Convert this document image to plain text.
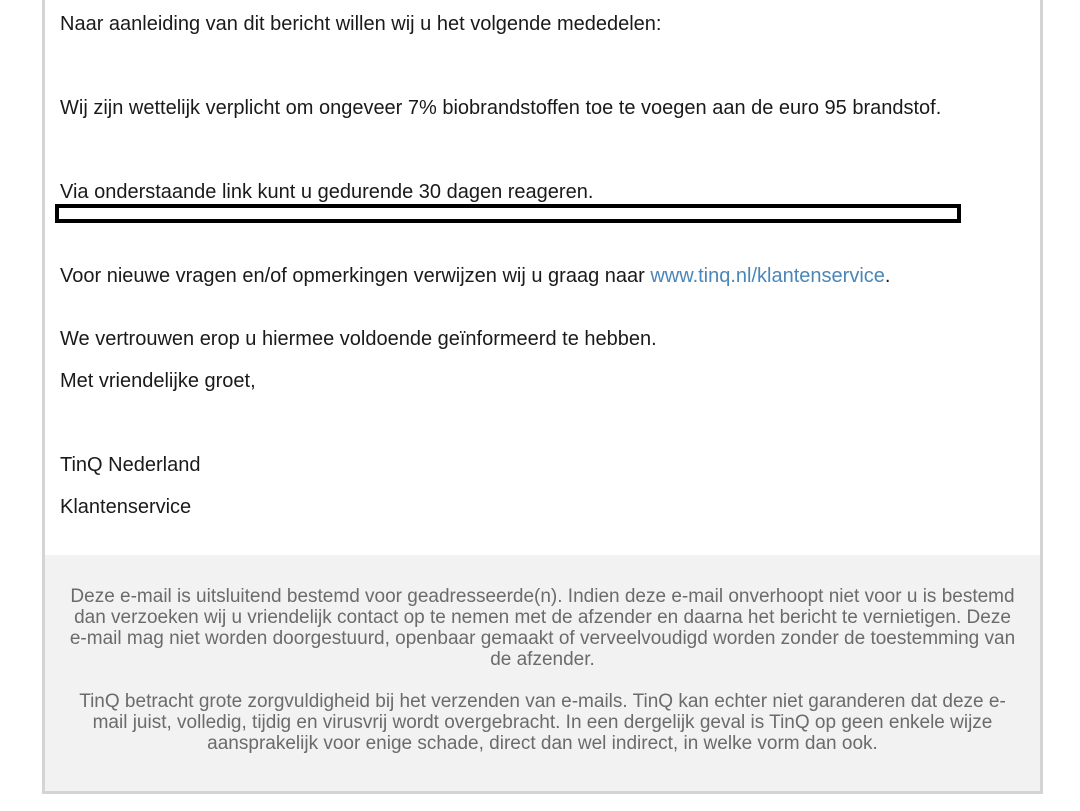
Naar aanleiding van dit bericht willen wij u het volgende mededelen:
Wij zijn wettelijk verplicht om ongeveer 7% biobrandstoffen toe te voegen aan de euro 95 brandstof.
Via onderstaande link kunt u gedurende 30 dagen reageren.
Voor nieuwe vragen en/of opmerkingen verwijzen wij u graag naar www.tinq.nl/klantenservice.
We vertrouwen erop u hiermee voldoende geïnformeerd te hebben.
Met vriendelijke groet,
TinQ Nederland
Klantenservice
Deze e-mail is uitsluitend bestemd voor geadresseerde(n). Indien deze e-mail onverhoopt niet voor u is bestemd dan verzoeken wij u vriendelijk contact op te nemen met de afzender en daarna het bericht te vernietigen. Deze e-mail mag niet worden doorgestuurd, openbaar gemaakt of verveelvoudigd worden zonder de toestemming van de afzender.
TinQ betracht grote zorgvuldigheid bij het verzenden van e-mails. TinQ kan echter niet garanderen dat deze e-mail juist, volledig, tijdig en virusvrij wordt overgebracht. In een dergelijk geval is TinQ op geen enkele wijze aansprakelijk voor enige schade, direct dan wel indirect, in welke vorm dan ook.
